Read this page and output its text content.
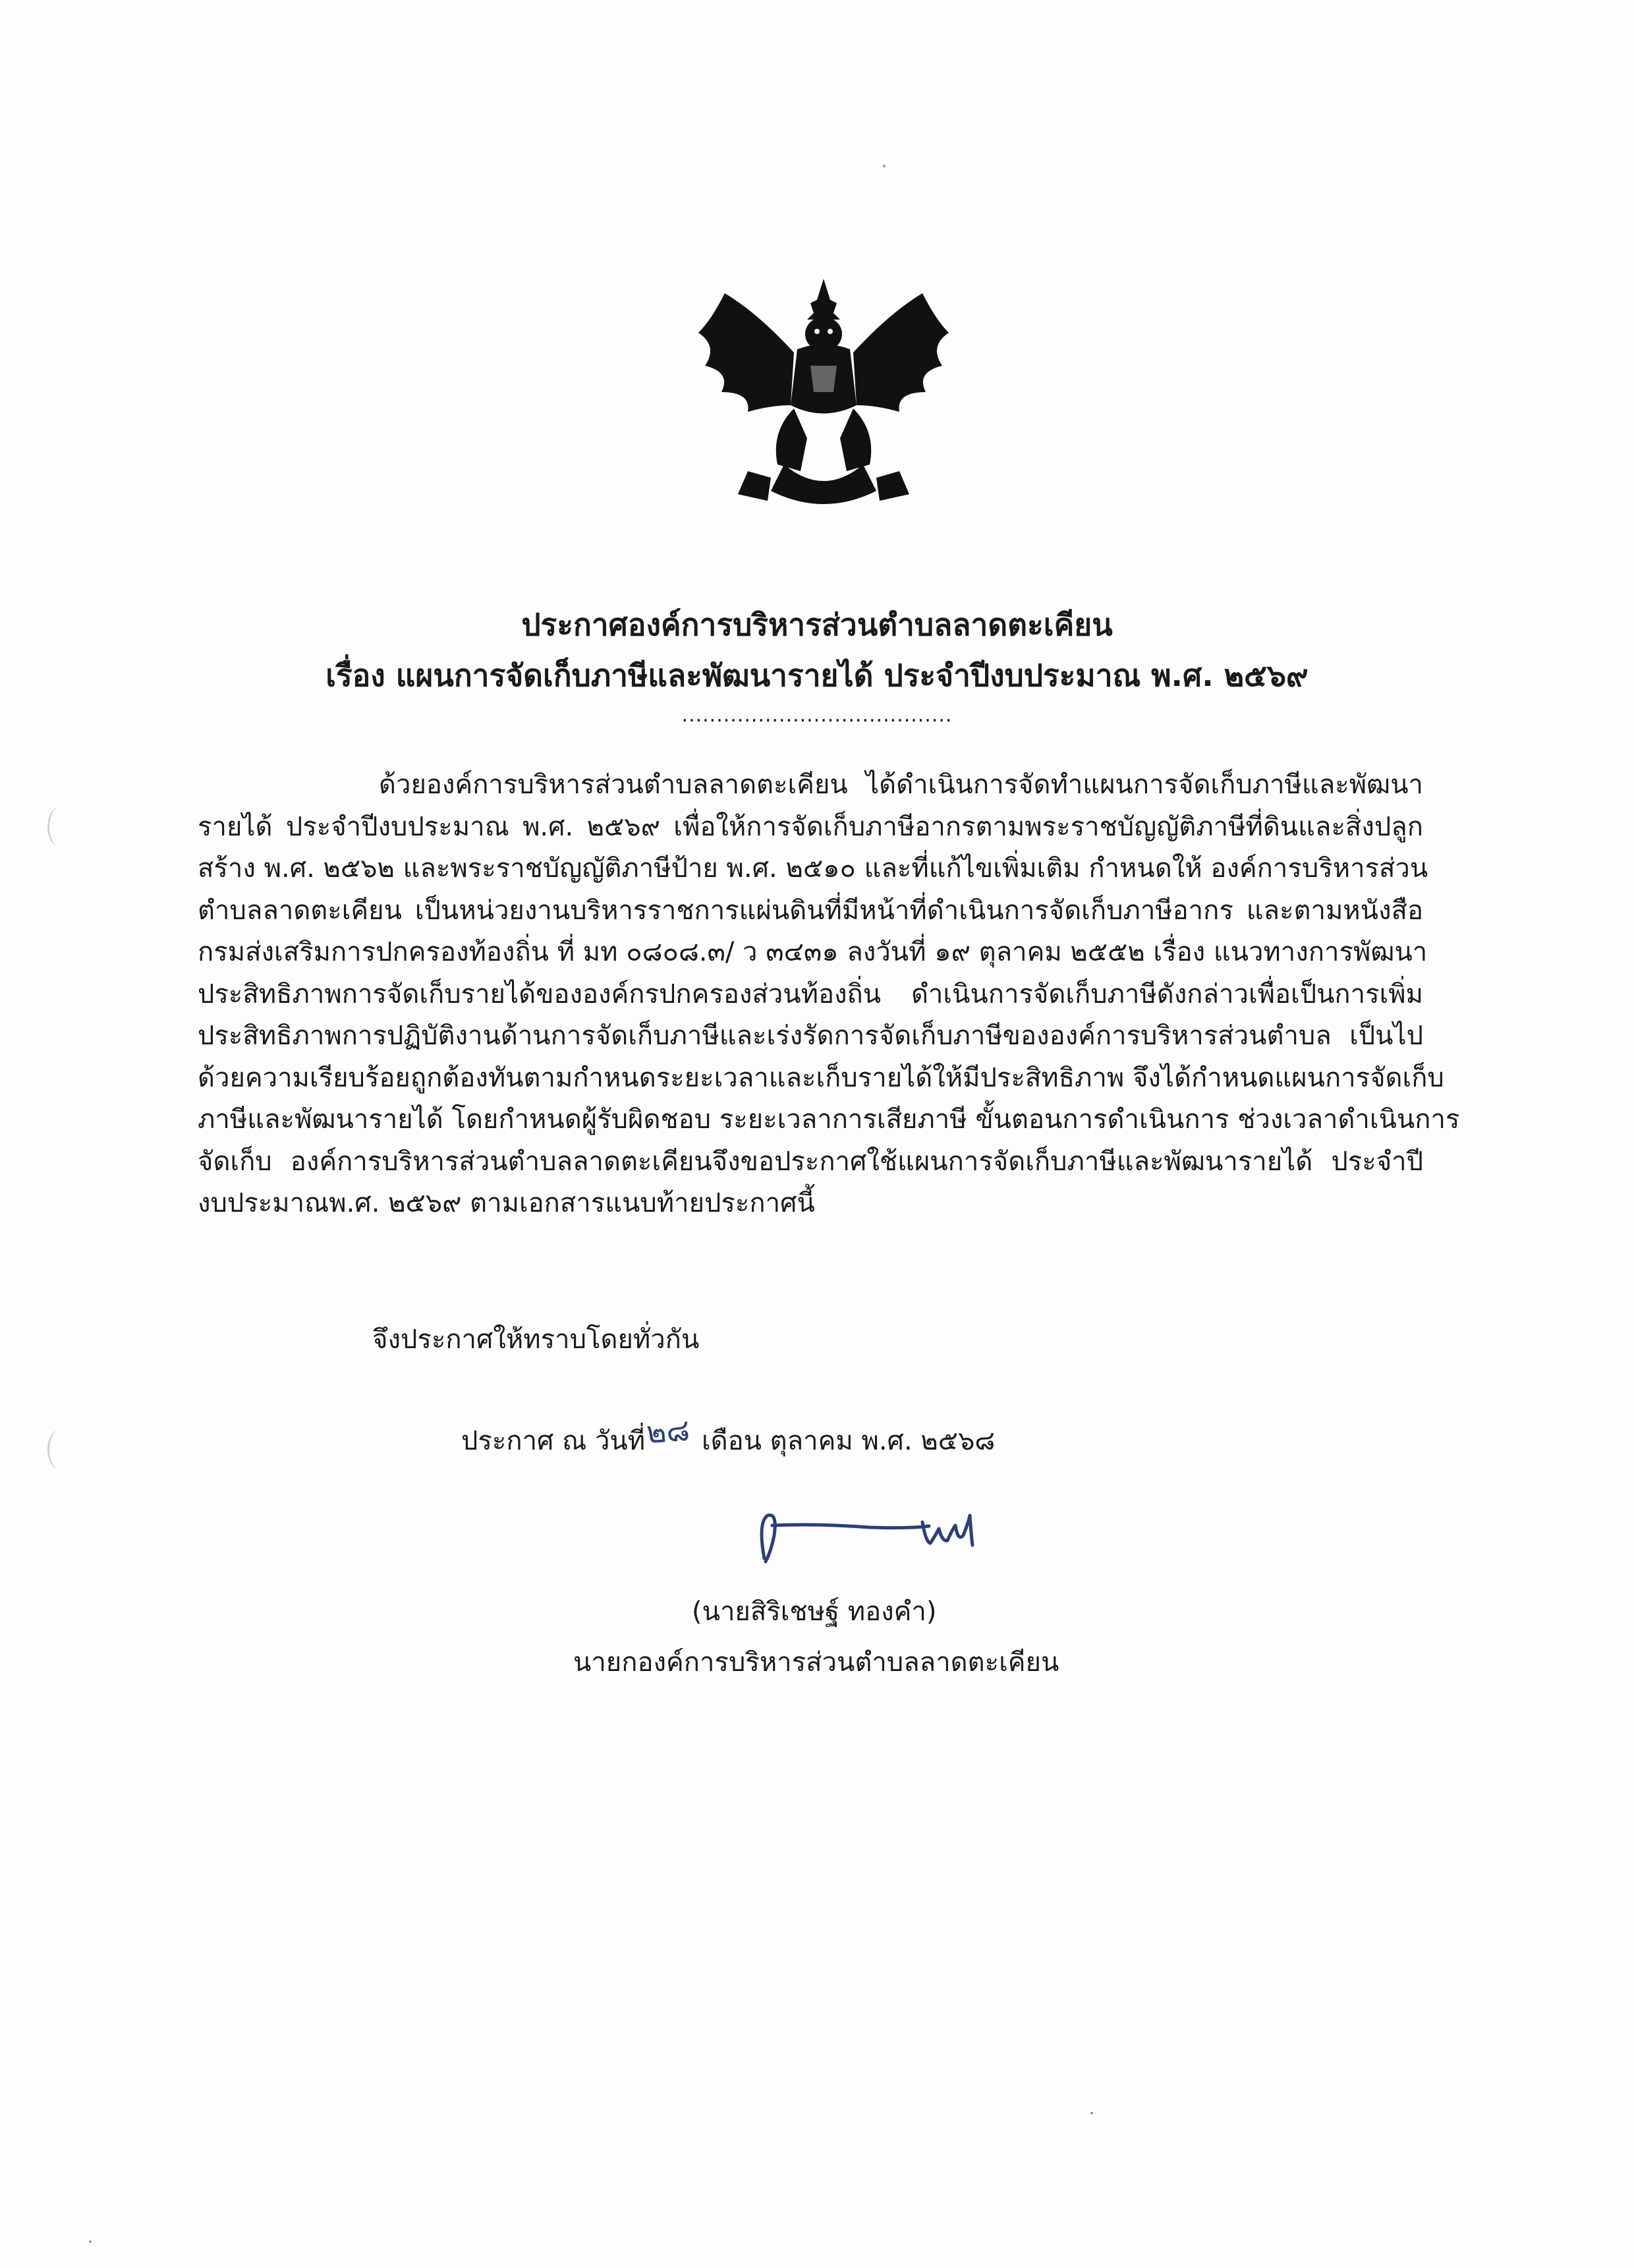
ประกาศองค์การบริหารส่วนตำบลลาดตะเคียน
เรื่อง แผนการจัดเก็บภาษีและพัฒนารายได้ ประจำปีงบประมาณ พ.ศ. ๒๕๖๙
.......................................
ด้วยองค์การบริหารส่วนตำบลลาดตะเคียน ได้ดำเนินการจัดทำแผนการจัดเก็บภาษีและพัฒนา
รายได้ ประจำปีงบประมาณ พ.ศ. ๒๕๖๙ เพื่อให้การจัดเก็บภาษีอากรตามพระราชบัญญัติภาษีที่ดินและสิ่งปลูก
สร้าง พ.ศ. ๒๕๖๒ และพระราชบัญญัติภาษีป้าย พ.ศ. ๒๕๑๐ และที่แก้ไขเพิ่มเติม กำหนดให้ องค์การบริหารส่วน
ตำบลลาดตะเคียน เป็นหน่วยงานบริหารราชการแผ่นดินที่มีหน้าที่ดำเนินการจัดเก็บภาษีอากร และตามหนังสือ
กรมส่งเสริมการปกครองท้องถิ่น ที่ มท ๐๘๐๘.๓/ ว ๓๔๓๑ ลงวันที่ ๑๙ ตุลาคม ๒๕๕๒ เรื่อง แนวทางการพัฒนา
ประสิทธิภาพการจัดเก็บรายได้ขององค์กรปกครองส่วนท้องถิ่น ดำเนินการจัดเก็บภาษีดังกล่าวเพื่อเป็นการเพิ่ม
ประสิทธิภาพการปฏิบัติงานด้านการจัดเก็บภาษีและเร่งรัดการจัดเก็บภาษีขององค์การบริหารส่วนตำบล เป็นไป
ด้วยความเรียบร้อยถูกต้องทันตามกำหนดระยะเวลาและเก็บรายได้ให้มีประสิทธิภาพ จึงได้กำหนดแผนการจัดเก็บ
ภาษีและพัฒนารายได้ โดยกำหนดผู้รับผิดชอบ ระยะเวลาการเสียภาษี ขั้นตอนการดำเนินการ ช่วงเวลาดำเนินการ
จัดเก็บ องค์การบริหารส่วนตำบลลาดตะเคียนจึงขอประกาศใช้แผนการจัดเก็บภาษีและพัฒนารายได้ ประจำปี
งบประมาณพ.ศ. ๒๕๖๙ ตามเอกสารแนบท้ายประกาศนี้
จึงประกาศให้ทราบโดยทั่วกัน
ประกาศ ณ วันที่๒๘ เดือน ตุลาคม พ.ศ. ๒๕๖๘
(นายสิริเชษฐ์ ทองคำ)
นายกองค์การบริหารส่วนตำบลลาดตะเคียน
